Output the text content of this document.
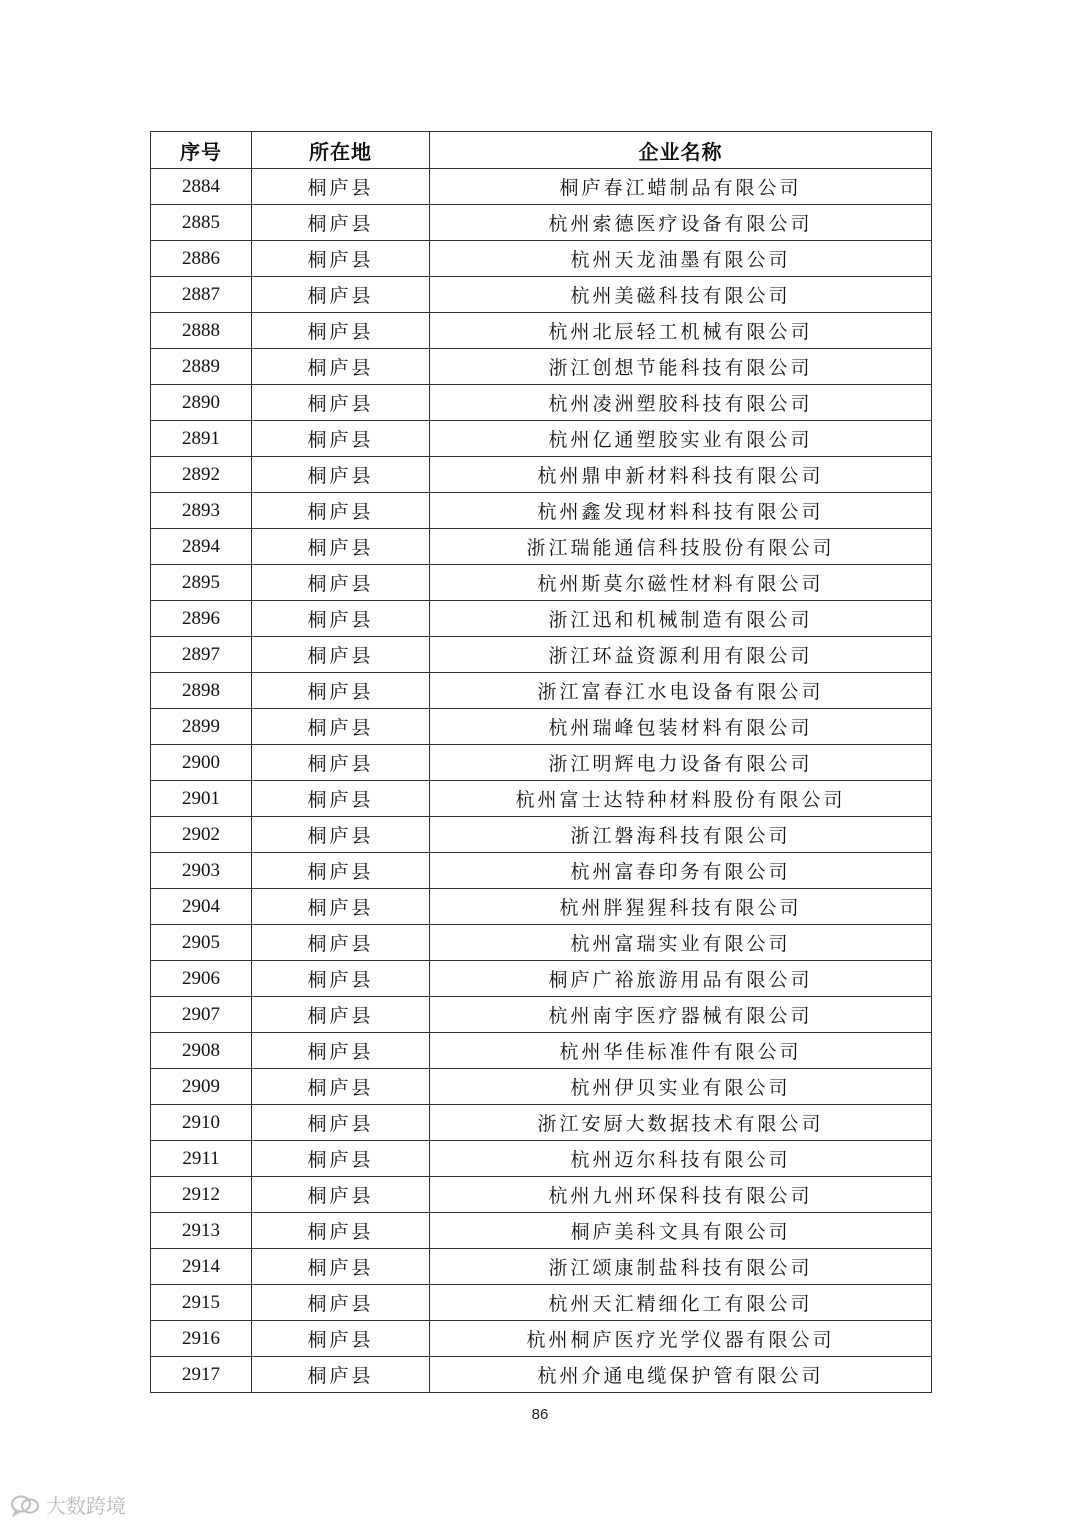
序号	所在地	企业名称
2884	桐庐县	桐庐春江蜡制品有限公司
2885	桐庐县	杭州索德医疗设备有限公司
2886	桐庐县	杭州天龙油墨有限公司
2887	桐庐县	杭州美磁科技有限公司
2888	桐庐县	杭州北辰轻工机械有限公司
2889	桐庐县	浙江创想节能科技有限公司
2890	桐庐县	杭州凌洲塑胶科技有限公司
2891	桐庐县	杭州亿通塑胶实业有限公司
2892	桐庐县	杭州鼎申新材料科技有限公司
2893	桐庐县	杭州鑫发现材料科技有限公司
2894	桐庐县	浙江瑞能通信科技股份有限公司
2895	桐庐县	杭州斯莫尔磁性材料有限公司
2896	桐庐县	浙江迅和机械制造有限公司
2897	桐庐县	浙江环益资源利用有限公司
2898	桐庐县	浙江富春江水电设备有限公司
2899	桐庐县	杭州瑞峰包装材料有限公司
2900	桐庐县	浙江明辉电力设备有限公司
2901	桐庐县	杭州富士达特种材料股份有限公司
2902	桐庐县	浙江磐海科技有限公司
2903	桐庐县	杭州富春印务有限公司
2904	桐庐县	杭州胖猩猩科技有限公司
2905	桐庐县	杭州富瑞实业有限公司
2906	桐庐县	桐庐广裕旅游用品有限公司
2907	桐庐县	杭州南宇医疗器械有限公司
2908	桐庐县	杭州华佳标准件有限公司
2909	桐庐县	杭州伊贝实业有限公司
2910	桐庐县	浙江安厨大数据技术有限公司
2911	桐庐县	杭州迈尔科技有限公司
2912	桐庐县	杭州九州环保科技有限公司
2913	桐庐县	桐庐美科文具有限公司
2914	桐庐县	浙江颂康制盐科技有限公司
2915	桐庐县	杭州天汇精细化工有限公司
2916	桐庐县	杭州桐庐医疗光学仪器有限公司
2917	桐庐县	杭州介通电缆保护管有限公司
86
大数跨境
